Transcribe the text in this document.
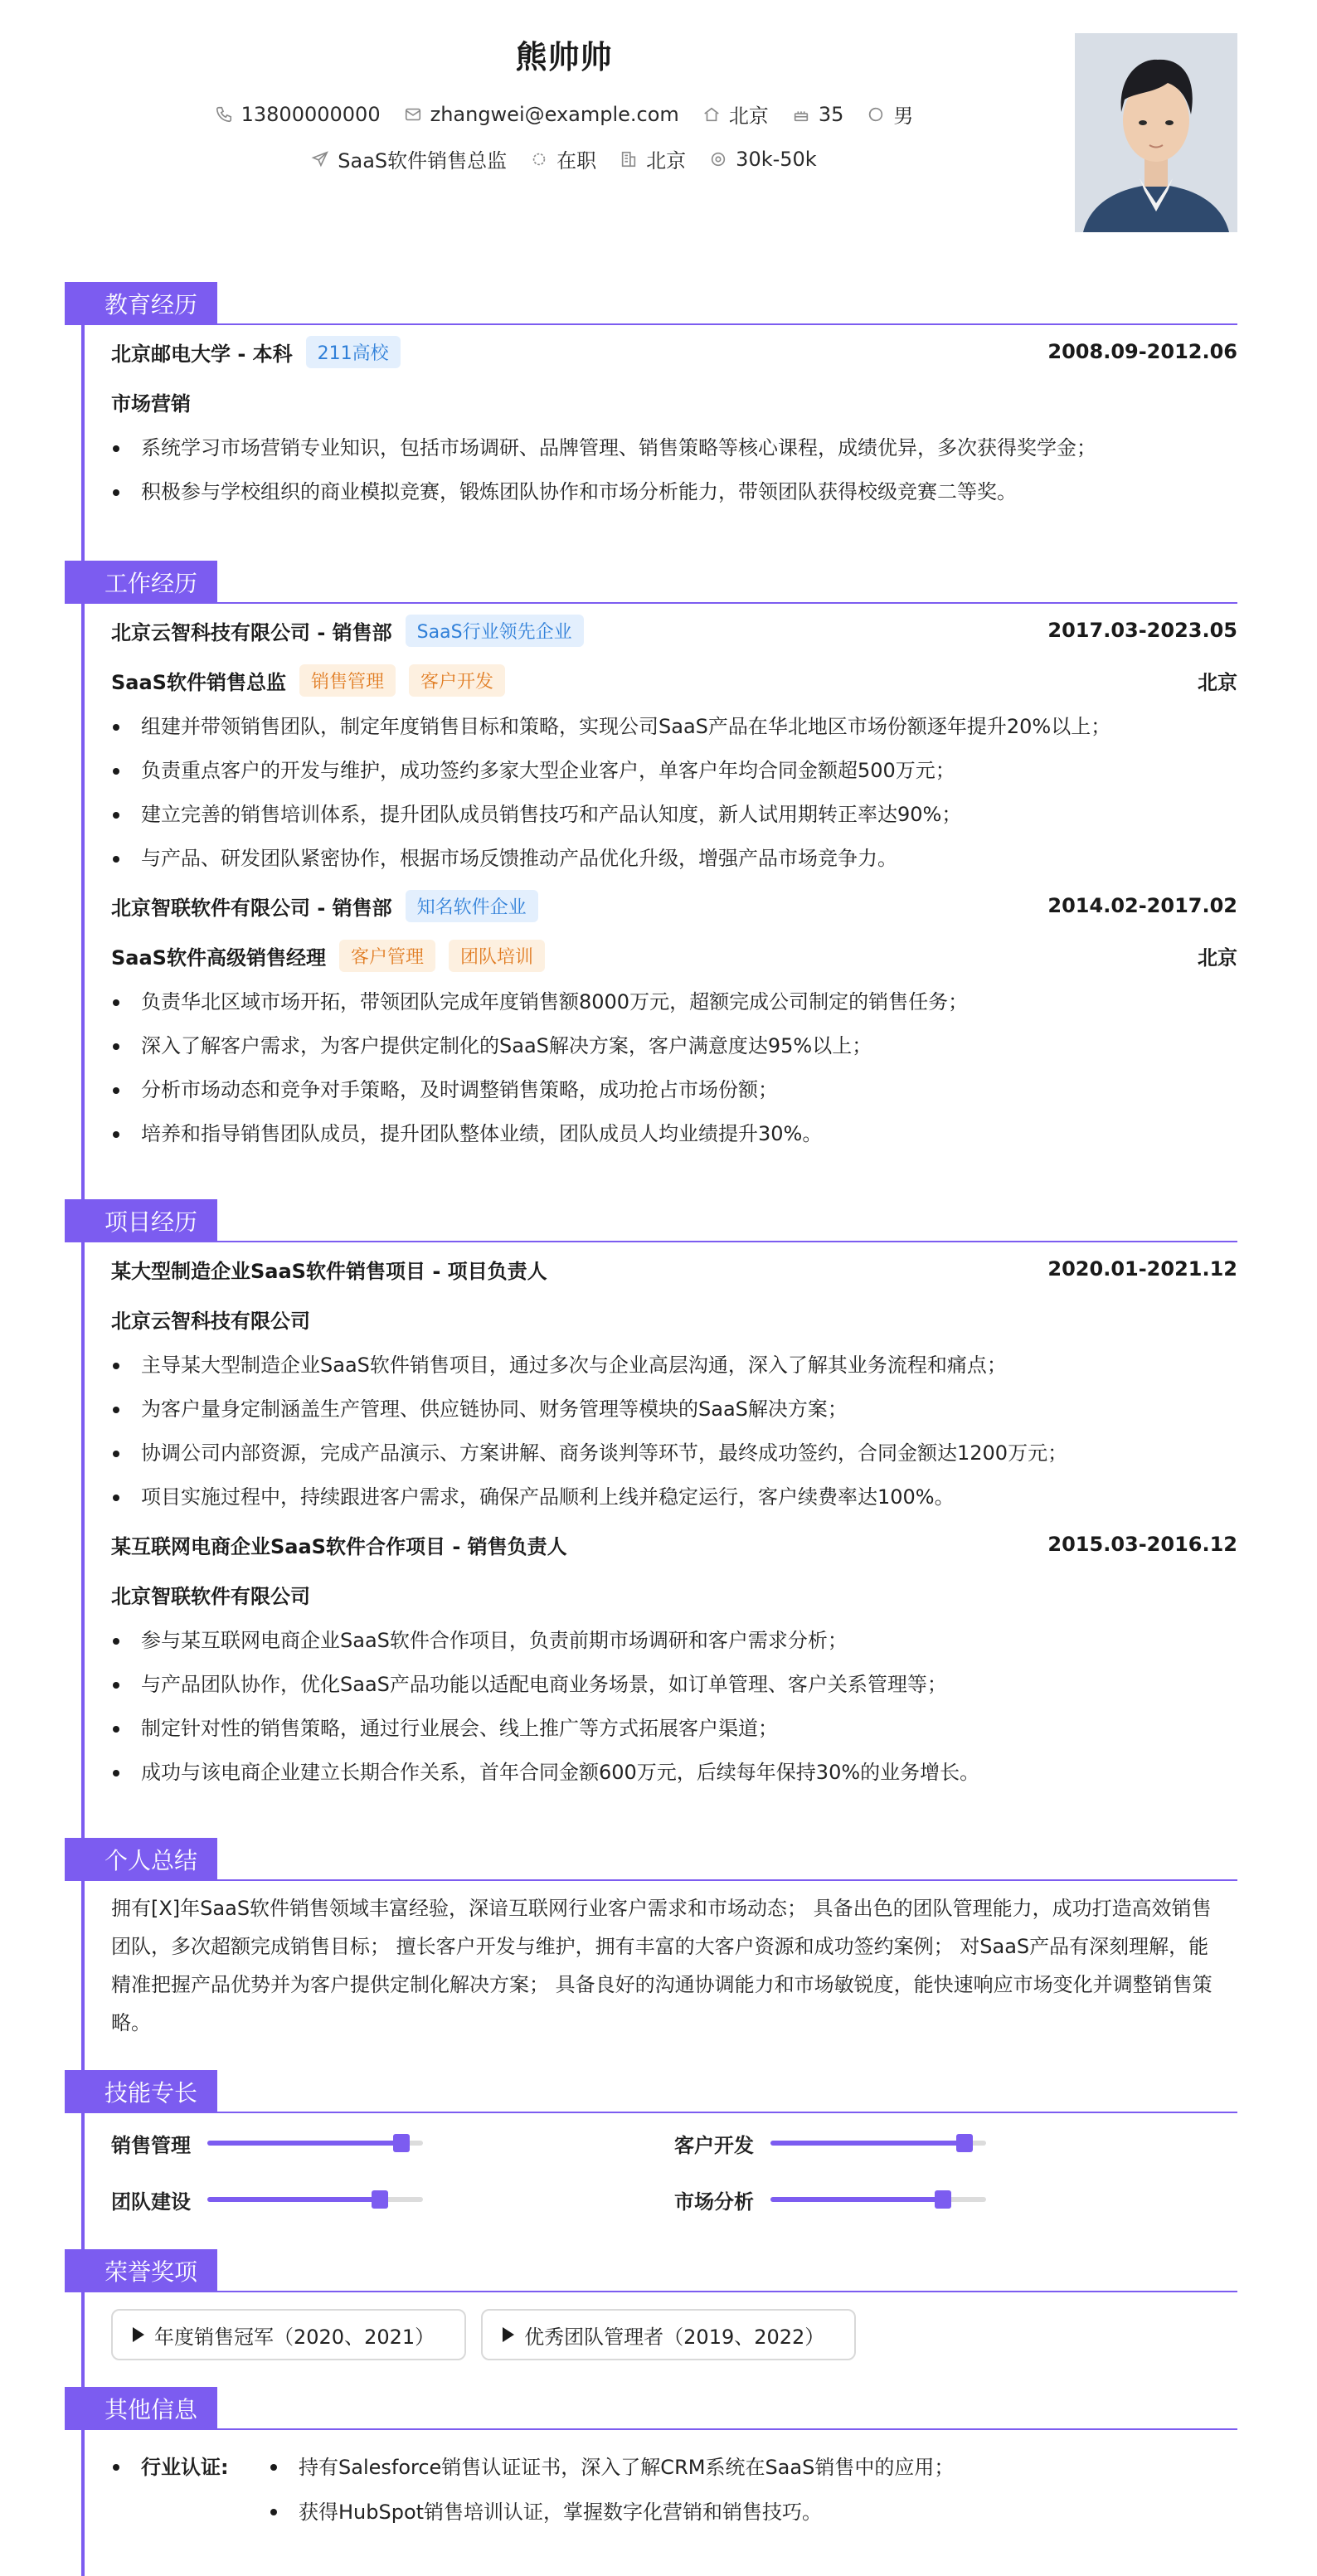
熊帅帅
13800000000	zhangwei@example.com	北京	35	男
SaaS软件销售总监	在职	北京	30k-50k
教育经历
北京邮电大学 - 本科	211高校	2008.09-2012.06
市场营销
系统学习市场营销专业知识，包括市场调研、品牌管理、销售策略等核心课程，成绩优异，多次获得奖学金；
积极参与学校组织的商业模拟竞赛，锻炼团队协作和市场分析能力，带领团队获得校级竞赛二等奖。
工作经历
北京云智科技有限公司 - 销售部	SaaS行业领先企业	2017.03-2023.05
SaaS软件销售总监	销售管理	客户开发	北京
组建并带领销售团队，制定年度销售目标和策略，实现公司SaaS产品在华北地区市场份额逐年提升20%以上；
负责重点客户的开发与维护，成功签约多家大型企业客户，单客户年均合同金额超500万元；
建立完善的销售培训体系，提升团队成员销售技巧和产品认知度，新人试用期转正率达90%；
与产品、研发团队紧密协作，根据市场反馈推动产品优化升级，增强产品市场竞争力。
北京智联软件有限公司 - 销售部	知名软件企业	2014.02-2017.02
SaaS软件高级销售经理	客户管理	团队培训	北京
负责华北区域市场开拓，带领团队完成年度销售额8000万元，超额完成公司制定的销售任务；
深入了解客户需求，为客户提供定制化的SaaS解决方案，客户满意度达95%以上；
分析市场动态和竞争对手策略，及时调整销售策略，成功抢占市场份额；
培养和指导销售团队成员，提升团队整体业绩，团队成员人均业绩提升30%。
项目经历
某大型制造企业SaaS软件销售项目 - 项目负责人	2020.01-2021.12
北京云智科技有限公司
主导某大型制造企业SaaS软件销售项目，通过多次与企业高层沟通，深入了解其业务流程和痛点；
为客户量身定制涵盖生产管理、供应链协同、财务管理等模块的SaaS解决方案；
协调公司内部资源，完成产品演示、方案讲解、商务谈判等环节，最终成功签约，合同金额达1200万元；
项目实施过程中，持续跟进客户需求，确保产品顺利上线并稳定运行，客户续费率达100%。
某互联网电商企业SaaS软件合作项目 - 销售负责人	2015.03-2016.12
北京智联软件有限公司
参与某互联网电商企业SaaS软件合作项目，负责前期市场调研和客户需求分析；
与产品团队协作，优化SaaS产品功能以适配电商业务场景，如订单管理、客户关系管理等；
制定针对性的销售策略，通过行业展会、线上推广等方式拓展客户渠道；
成功与该电商企业建立长期合作关系，首年合同金额600万元，后续每年保持30%的业务增长。
个人总结

拥有[X]年SaaS软件销售领域丰富经验，深谙互联网行业客户需求和市场动态； 具备出色的团队管理能力，成功打造高效销售团队，多次超额完成销售目标； 擅长客户开发与维护，拥有丰富的大客户资源和成功签约案例； 对SaaS产品有深刻理解，能精准把握产品优势并为客户提供定制化解决方案； 具备良好的沟通协调能力和市场敏锐度，能快速响应市场变化并调整销售策略。

技能专长
销售管理	客户开发
团队建设	市场分析
荣誉奖项
年度销售冠军（2020、2021）	优秀团队管理者（2019、2022）
其他信息
行业认证:	持有Salesforce销售认证证书，深入了解CRM系统在SaaS销售中的应用；
获得HubSpot销售培训认证，掌握数字化营销和销售技巧。
